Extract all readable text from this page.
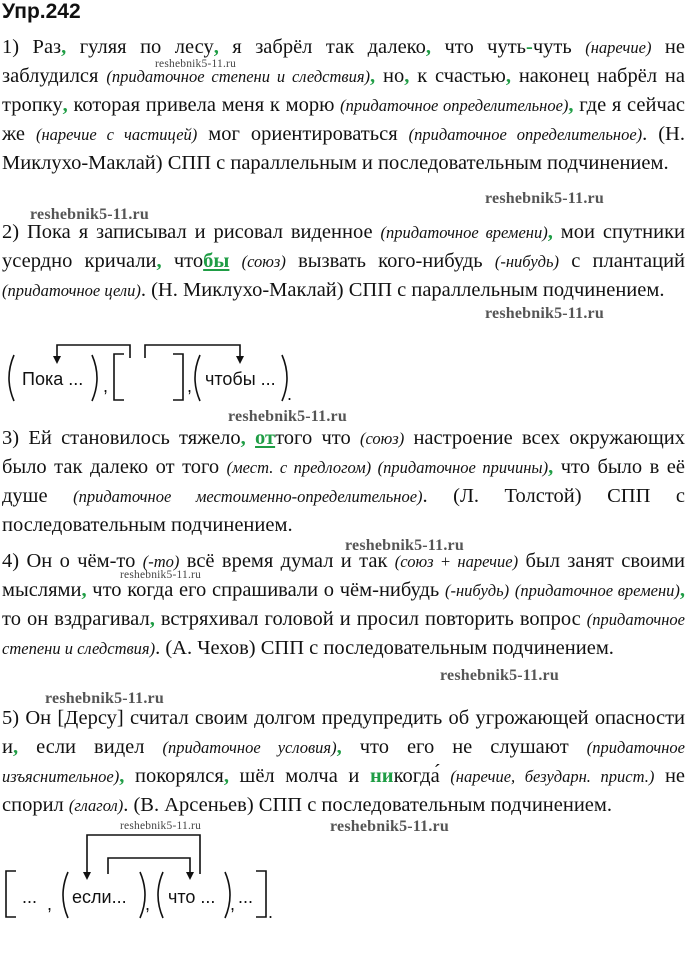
Упр.242
1) Раз, гуляя по лесу, я забрёл так далеко, что чуть-чуть (наречие) не заблудился (придаточное степени и следствия), но, к счастью, наконец набрёл на тропку, которая привела меня к морю (придаточное определительное), где я сейчас же (наречие с частицей) мог ориентироваться (придаточное определительное). (Н. Миклухо-Маклай) СПП с параллельным и последовательным подчинением.
2) Пока я записывал и рисовал виденное (придаточное времени), мои спутники усердно кричали, чтобы (союз) вызвать кого-нибудь (-нибудь) с плантаций (придаточное цели). (Н. Миклухо-Маклай) СПП с параллельным подчинением.
Пока ... ,	, чтобы ...
.
... , если... , что ... , ...
.
3) Ей становилось тяжело, оттого что (союз) настроение всех окружающих было так далеко от того (мест. с предлогом) (придаточное причины), что было в её душе (придаточное местоименно-определительное). (Л. Толстой) СПП с последовательным подчинением.
4) Он о чём-то (-то) всё время думал и так (союз + наречие) был занят своими мыслями, что когда его спрашивали о чём-нибудь (-нибудь) (придаточное времени), то он вздрагивал, встряхивал головой и просил повторить вопрос (придаточное степени и следствия). (А. Чехов) СПП с последовательным подчинением.
5) Он [Дерсу] считал своим долгом предупредить об угрожающей опасности и, если видел (придаточное условия), что его не слушают (придаточное изъяснительное), покорялся, шёл молча и никогда́ (наречие, безударн. прист.) не спорил (глагол). (В. Арсеньев) СПП с последовательным подчинением.
reshebnik5-11.ru
reshebnik5-11.ru
reshebnik5-11.ru
reshebnik5-11.ru
reshebnik5-11.ru
reshebnik5-11.ru
reshebnik5-11.ru
reshebnik5-11.ru
reshebnik5-11.ru
reshebnik5-11.ru	reshebnik5-11.ru
